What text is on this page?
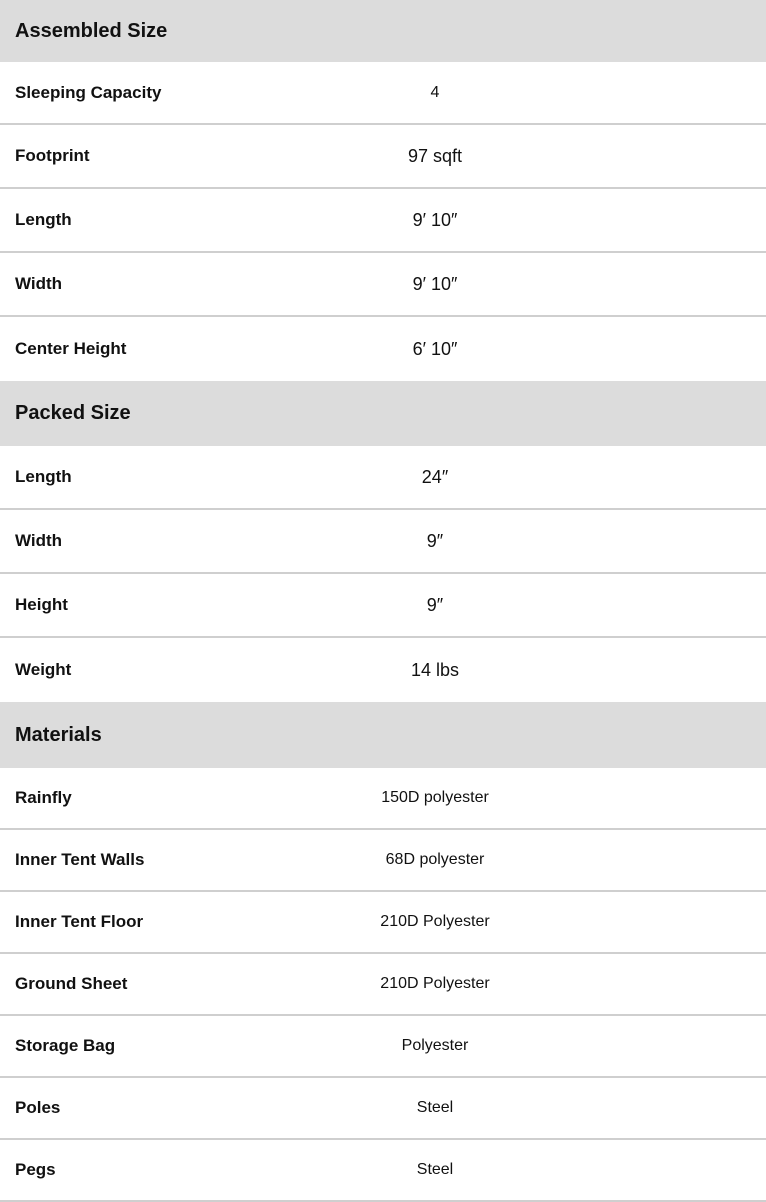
Assembled Size
Sleeping Capacity	4
Footprint	97 sqft
Length	9′ 10″
Width	9′ 10″
Center Height	6′ 10″
Packed Size
Length	24″
Width	9″
Height	9″
Weight	14 lbs
Materials
Rainfly	150D polyester
Inner Tent Walls	68D polyester
Inner Tent Floor	210D Polyester
Ground Sheet	210D Polyester
Storage Bag	Polyester
Poles	Steel
Pegs	Steel
